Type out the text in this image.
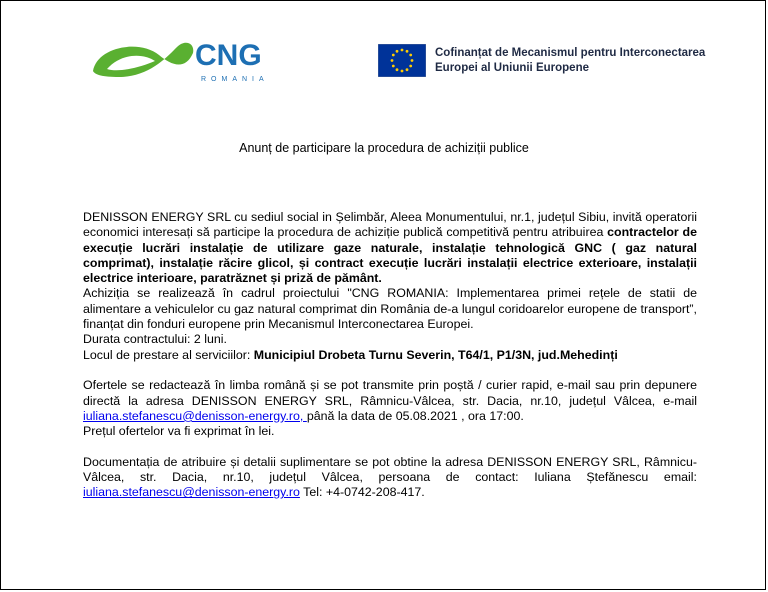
CNG
ROMANIA
Cofinanțat de Mecanismul pentru Interconectarea
Europei al Uniunii Europene
Anunț de participare la procedura de achiziții publice

DENISSON ENERGY SRL cu sediul social in Șelimbăr, Aleea Monumentului, nr.1, județul Sibiu, invită operatorii economici interesați să participe la procedura de achiziție publică competitivă pentru atribuirea contractelor de execuție lucrări instalație de utilizare gaze naturale, instalație tehnologică GNC ( gaz natural comprimat), instalație răcire glicol, și contract execuție lucrări instalații electrice exterioare, instalații electrice interioare, paratrăznet și priză de pământ.

Achiziția se realizează în cadrul proiectului "CNG ROMANIA: Implementarea primei rețele de statii de alimentare a vehiculelor cu gaz natural comprimat din România de-a lungul coridoarelor europene de transport”, finanțat din fonduri europene prin Mecanismul Interconectarea Europei.

Durata contractului: 2 luni.

Locul de prestare al serviciilor: Municipiul Drobeta Turnu Severin, T64/1, P1/3N, jud.Mehedinți

Ofertele se redactează în limba română și se pot transmite prin poștă / curier rapid, e-mail sau prin depunere directă la adresa DENISSON ENERGY SRL, Râmnicu-Vâlcea, str. Dacia, nr.10, județul Vâlcea, e-mail iuliana.stefanescu@denisson-energy.ro, până la data de 05.08.2021 , ora 17:00.

Prețul ofertelor va fi exprimat în lei.

Documentația de atribuire și detalii suplimentare se pot obtine la adresa DENISSON ENERGY SRL, Râmnicu-Vâlcea, str. Dacia, nr.10, județul Vâlcea, persoana de contact: Iuliana Ștefănescu email: iuliana.stefanescu@denisson-energy.ro Tel: +4-0742-208-417.
